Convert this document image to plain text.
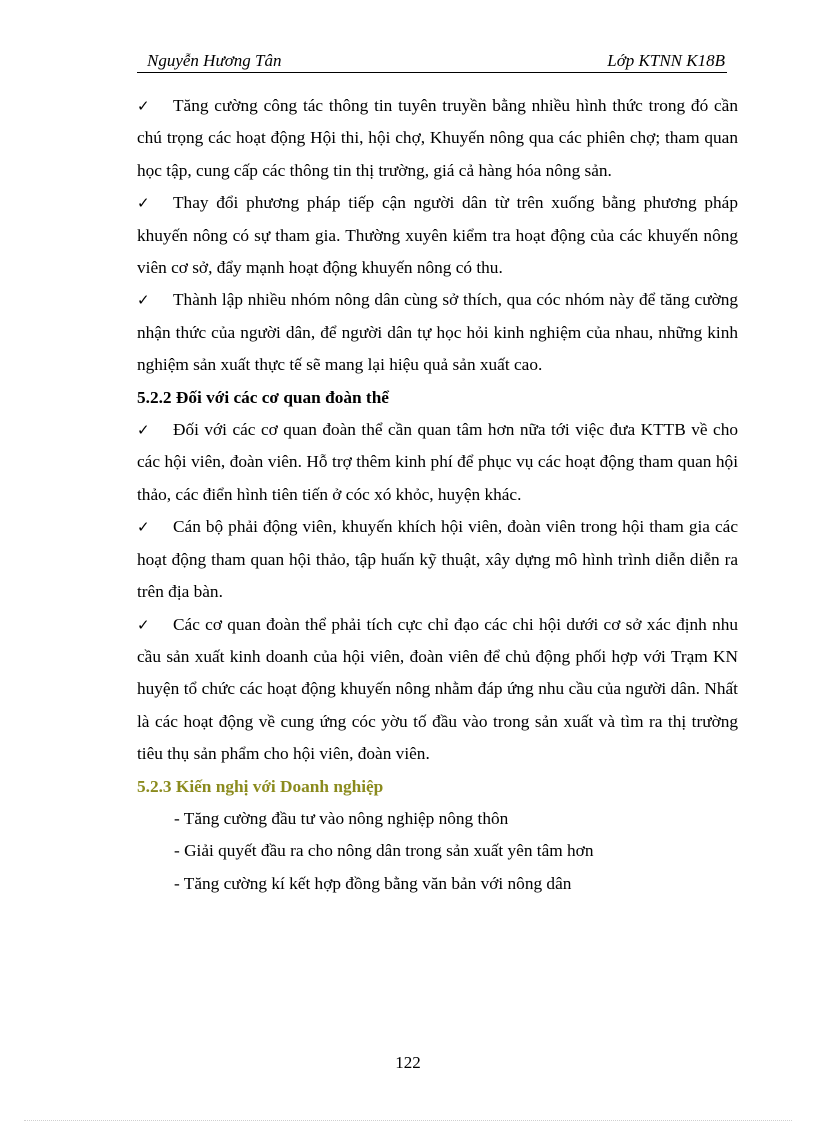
Nguyễn Hương Tân	Lớp KTNN K18B

✓ Tăng cường công tác thông tin tuyên truyền bằng nhiều hình thức trong đó cần chú trọng các hoạt động Hội thi, hội chợ, Khuyến nông qua các phiên chợ; tham quan học tập, cung cấp các thông tin thị trường, giá cả hàng hóa nông sản.

✓ Thay đổi phương pháp tiếp cận người dân từ trên xuống bằng phương pháp khuyến nông có sự tham gia. Thường xuyên kiểm tra hoạt động của các khuyến nông viên cơ sở, đẩy mạnh hoạt động khuyến nông có thu.

✓ Thành lập nhiều nhóm nông dân cùng sở thích, qua cóc nhóm này để tăng cường nhận thức của người dân, để người dân tự học hỏi kinh nghiệm của nhau, những kinh nghiệm sản xuất thực tế sẽ mang lại hiệu quả sản xuất cao.

5.2.2 Đối với các cơ quan đoàn thể

✓ Đối với các cơ quan đoàn thể cần quan tâm hơn nữa tới việc đưa KTTB về cho các hội viên, đoàn viên. Hỗ trợ thêm kinh phí để phục vụ các hoạt động tham quan hội thảo, các điển hình tiên tiến ở cóc xó khỏc, huyện khác.

✓ Cán bộ phải động viên, khuyến khích hội viên, đoàn viên trong hội tham gia các hoạt động tham quan hội thảo, tập huấn kỹ thuật, xây dựng mô hình trình diễn diễn ra trên địa bàn.

✓ Các cơ quan đoàn thể phải tích cực chỉ đạo các chi hội dưới cơ sở xác định nhu cầu sản xuất kinh doanh của hội viên, đoàn viên để chủ động phối hợp với Trạm KN huyện tổ chức các hoạt động khuyến nông nhằm đáp ứng nhu cầu của người dân. Nhất là các hoạt động về cung ứng cóc yờu tố đầu vào trong sản xuất và tìm ra thị trường tiêu thụ sản phẩm cho hội viên, đoàn viên.

5.2.3 Kiến nghị với Doanh nghiệp

- Tăng cường đầu tư vào nông nghiệp nông thôn

- Giải quyết đầu ra cho nông dân trong sản xuất yên tâm hơn

- Tăng cường kí kết hợp đồng bằng văn bản với nông dân

122
